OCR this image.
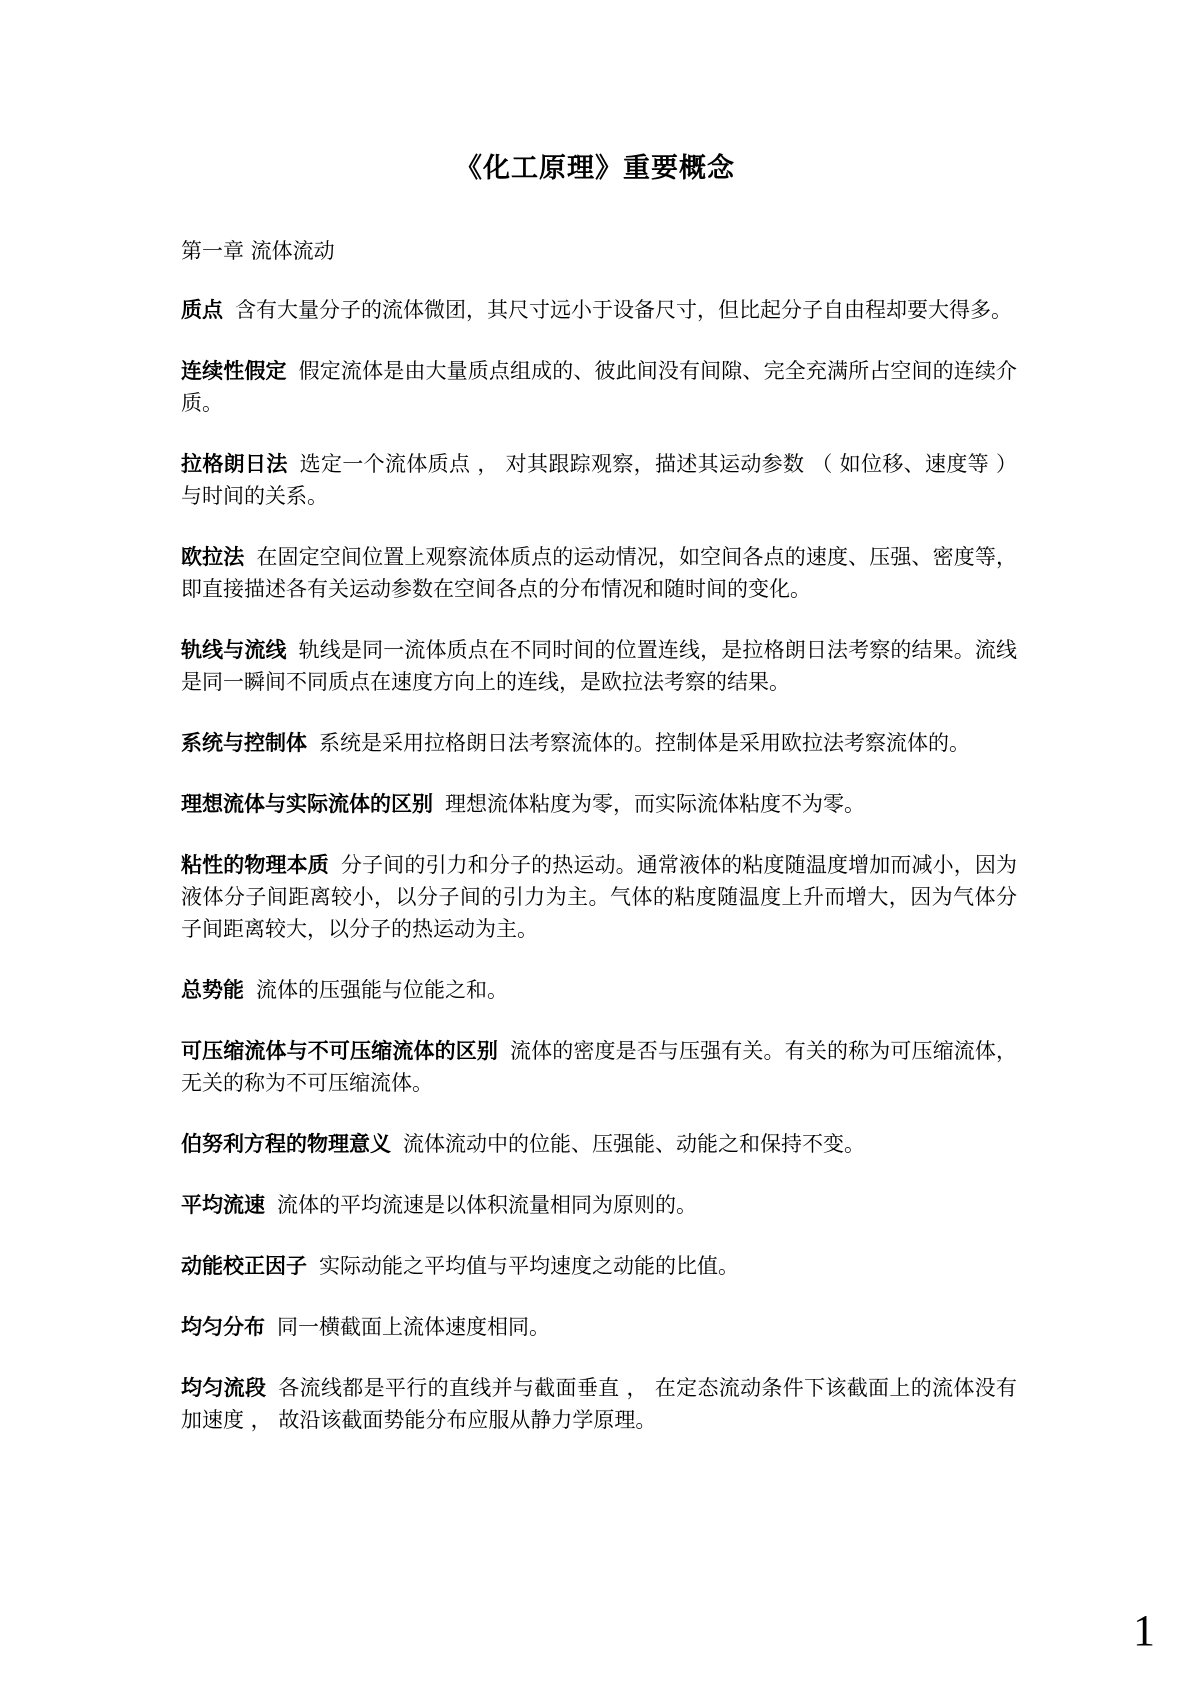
《化工原理》重要概念
第一章 流体流动

质点 含有大量分子的流体微团，其尺寸远小于设备尺寸，但比起分子自由程却要大得多。

连续性假定 假定流体是由大量质点组成的、彼此间没有间隙、完全充满所占空间的连续介质。

拉格朗日法 选定一个流体质点 ， 对其跟踪观察，描述其运动参数 （ 如位移、速度等 ） 与时间的关系。

欧拉法 在固定空间位置上观察流体质点的运动情况，如空间各点的速度、压强、密度等，即直接描述各有关运动参数在空间各点的分布情况和随时间的变化。

轨线与流线 轨线是同一流体质点在不同时间的位置连线，是拉格朗日法考察的结果。流线是同一瞬间不同质点在速度方向上的连线，是欧拉法考察的结果。

系统与控制体 系统是采用拉格朗日法考察流体的。控制体是采用欧拉法考察流体的。

理想流体与实际流体的区别 理想流体粘度为零，而实际流体粘度不为零。

粘性的物理本质 分子间的引力和分子的热运动。通常液体的粘度随温度增加而减小，因为液体分子间距离较小，以分子间的引力为主。气体的粘度随温度上升而增大，因为气体分子间距离较大，以分子的热运动为主。

总势能 流体的压强能与位能之和。

可压缩流体与不可压缩流体的区别 流体的密度是否与压强有关。有关的称为可压缩流体，无关的称为不可压缩流体。

伯努利方程的物理意义 流体流动中的位能、压强能、动能之和保持不变。

平均流速 流体的平均流速是以体积流量相同为原则的。

动能校正因子 实际动能之平均值与平均速度之动能的比值。

均匀分布 同一横截面上流体速度相同。

均匀流段 各流线都是平行的直线并与截面垂直 ， 在定态流动条件下该截面上的流体没有加速度 ， 故沿该截面势能分布应服从静力学原理。

1
